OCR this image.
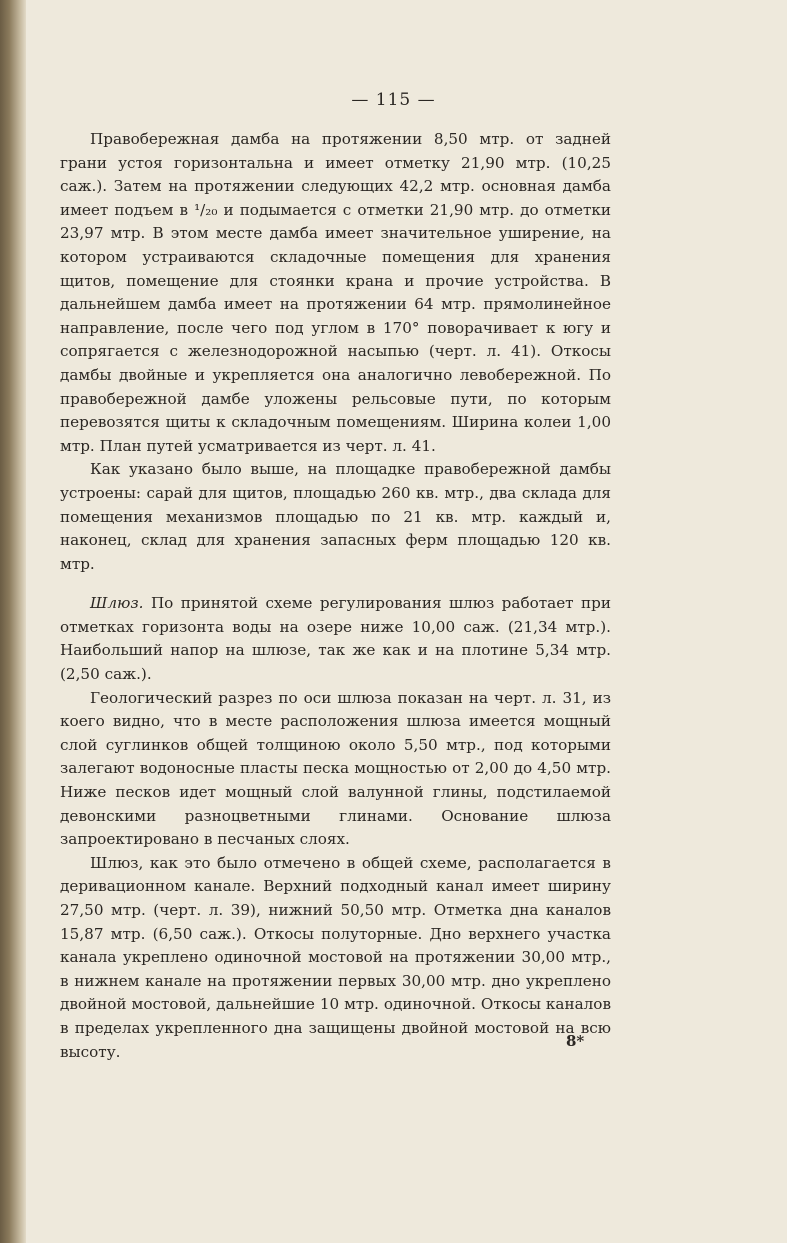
— 115 —

Правобережная дамба на протяжении 8,50 мтр. от задней грани устоя горизонтальна и имеет отметку 21,90 мтр. (10,25 саж.). Затем на протяжении следующих 42,2 мтр. основная дамба имеет подъем в ¹/₂₀ и подымается с отметки 21,90 мтр. до отметки 23,97 мтр. В этом месте дамба имеет значительное уширение, на котором устраиваются складочные помещения для хранения щитов, помещение для стоянки крана и прочие устройства. В дальнейшем дамба имеет на протяжении 64 мтр. прямолинейное направление, после чего под углом в 170° поворачивает к югу и сопрягается с железнодорожной насыпью (черт. л. 41). Откосы дамбы двойные и укрепляется она аналогично левобережной. По правобережной дамбе уложены рельсовые пути, по которым перевозятся щиты к складочным помещениям. Ширина колеи 1,00 мтр. План путей усматривается из черт. л. 41.

Как указано было выше, на площадке правобережной дамбы устроены: сарай для щитов, площадью 260 кв. мтр., два склада для помещения механизмов площадью по 21 кв. мтр. каждый и, наконец, склад для хранения запасных ферм площадью 120 кв. мтр.

Шлюз. По принятой схеме регулирования шлюз работает при отметках горизонта воды на озере ниже 10,00 саж. (21,34 мтр.). Наибольший напор на шлюзе, так же как и на плотине 5,34 мтр. (2,50 саж.).

Геологический разрез по оси шлюза показан на черт. л. 31, из коего видно, что в месте расположения шлюза имеется мощный слой суглинков общей толщиною около 5,50 мтр., под которыми залегают водоносные пласты песка мощностью от 2,00 до 4,50 мтр. Ниже песков идет мощный слой валунной глины, подстилаемой девонскими разноцветными глинами. Основание шлюза запроектировано в песчаных слоях.

Шлюз, как это было отмечено в общей схеме, располагается в деривационном канале. Верхний подходный канал имеет ширину 27,50 мтр. (черт. л. 39), нижний 50,50 мтр. Отметка дна каналов 15,87 мтр. (6,50 саж.). Откосы полуторные. Дно верхнего участка канала укреплено одиночной мостовой на протяжении 30,00 мтр., в нижнем канале на протяжении первых 30,00 мтр. дно укреплено двойной мостовой, дальнейшие 10 мтр. одиночной. Откосы каналов в пределах укрепленного дна защищены двойной мостовой на всю высоту.

8*
